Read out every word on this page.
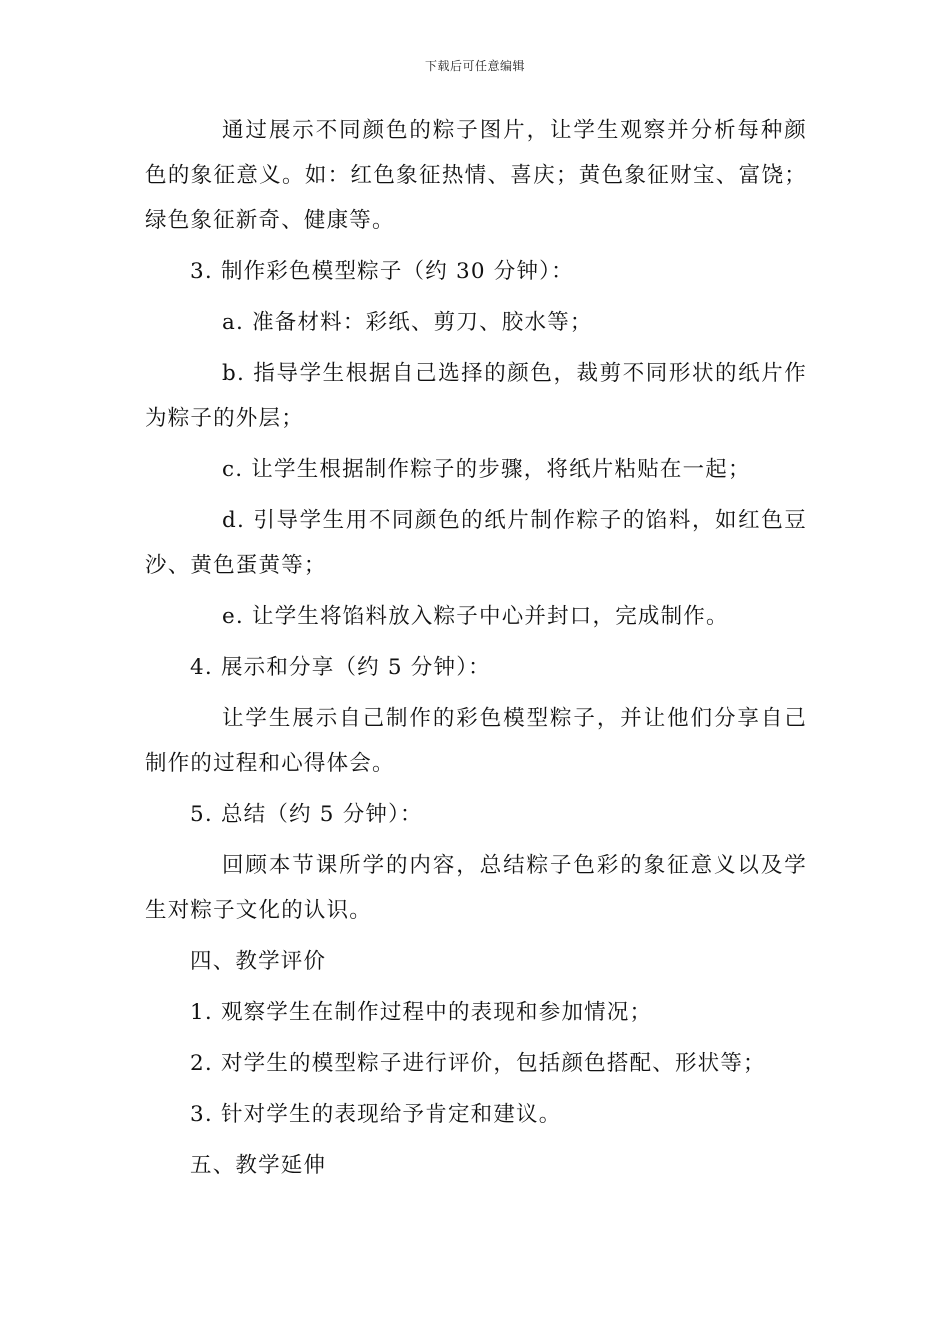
下载后可任意编辑

通过展示不同颜色的粽子图片，让学生观察并分析每种颜色的象征意义。如：红色象征热情、喜庆；黄色象征财宝、富饶；绿色象征新奇、健康等。

3. 制作彩色模型粽子（约 30 分钟）：

a. 准备材料：彩纸、剪刀、胶水等；

b. 指导学生根据自己选择的颜色，裁剪不同形状的纸片作为粽子的外层；

c. 让学生根据制作粽子的步骤，将纸片粘贴在一起；

d. 引导学生用不同颜色的纸片制作粽子的馅料，如红色豆沙、黄色蛋黄等；

e. 让学生将馅料放入粽子中心并封口，完成制作。

4. 展示和分享（约 5 分钟）：

让学生展示自己制作的彩色模型粽子，并让他们分享自己制作的过程和心得体会。

5. 总结（约 5 分钟）：

回顾本节课所学的内容，总结粽子色彩的象征意义以及学生对粽子文化的认识。

四、教学评价

1. 观察学生在制作过程中的表现和参加情况；

2. 对学生的模型粽子进行评价，包括颜色搭配、形状等；

3. 针对学生的表现给予肯定和建议。

五、教学延伸
